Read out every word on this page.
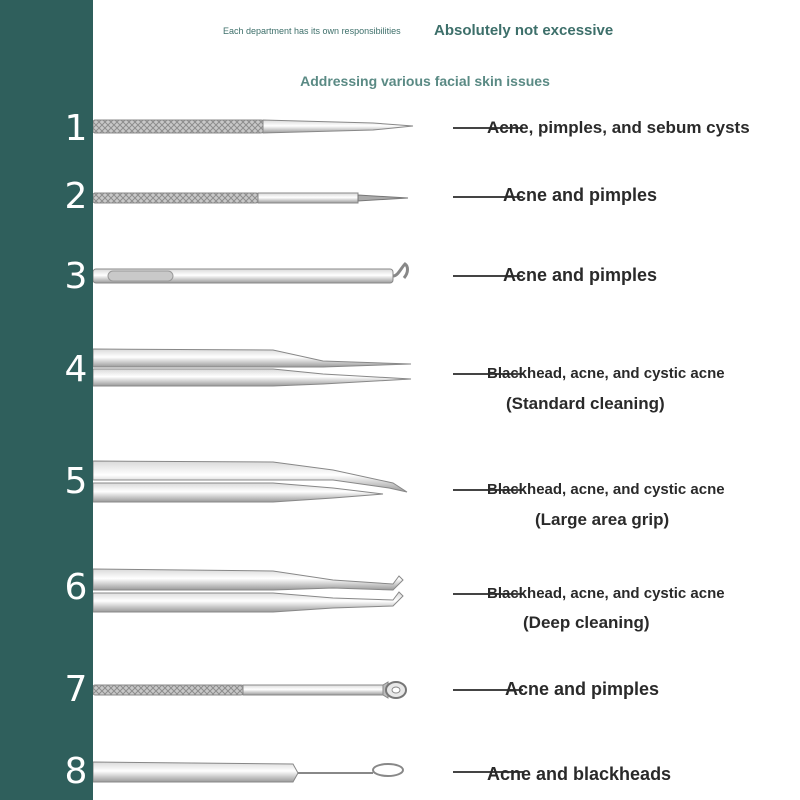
Each department has its own responsibilities Absolutely not excessive
Addressing various facial skin issues
1
2
3
4
5
6
7
8
Acne, pimples, and sebum cysts
Acne and pimples
Acne and pimples
Blackhead, acne, and cystic acne
(Standard cleaning)
Blackhead, acne, and cystic acne
(Large area grip)
Blackhead, acne, and cystic acne
(Deep cleaning)
Acne and pimples
Acne and blackheads
